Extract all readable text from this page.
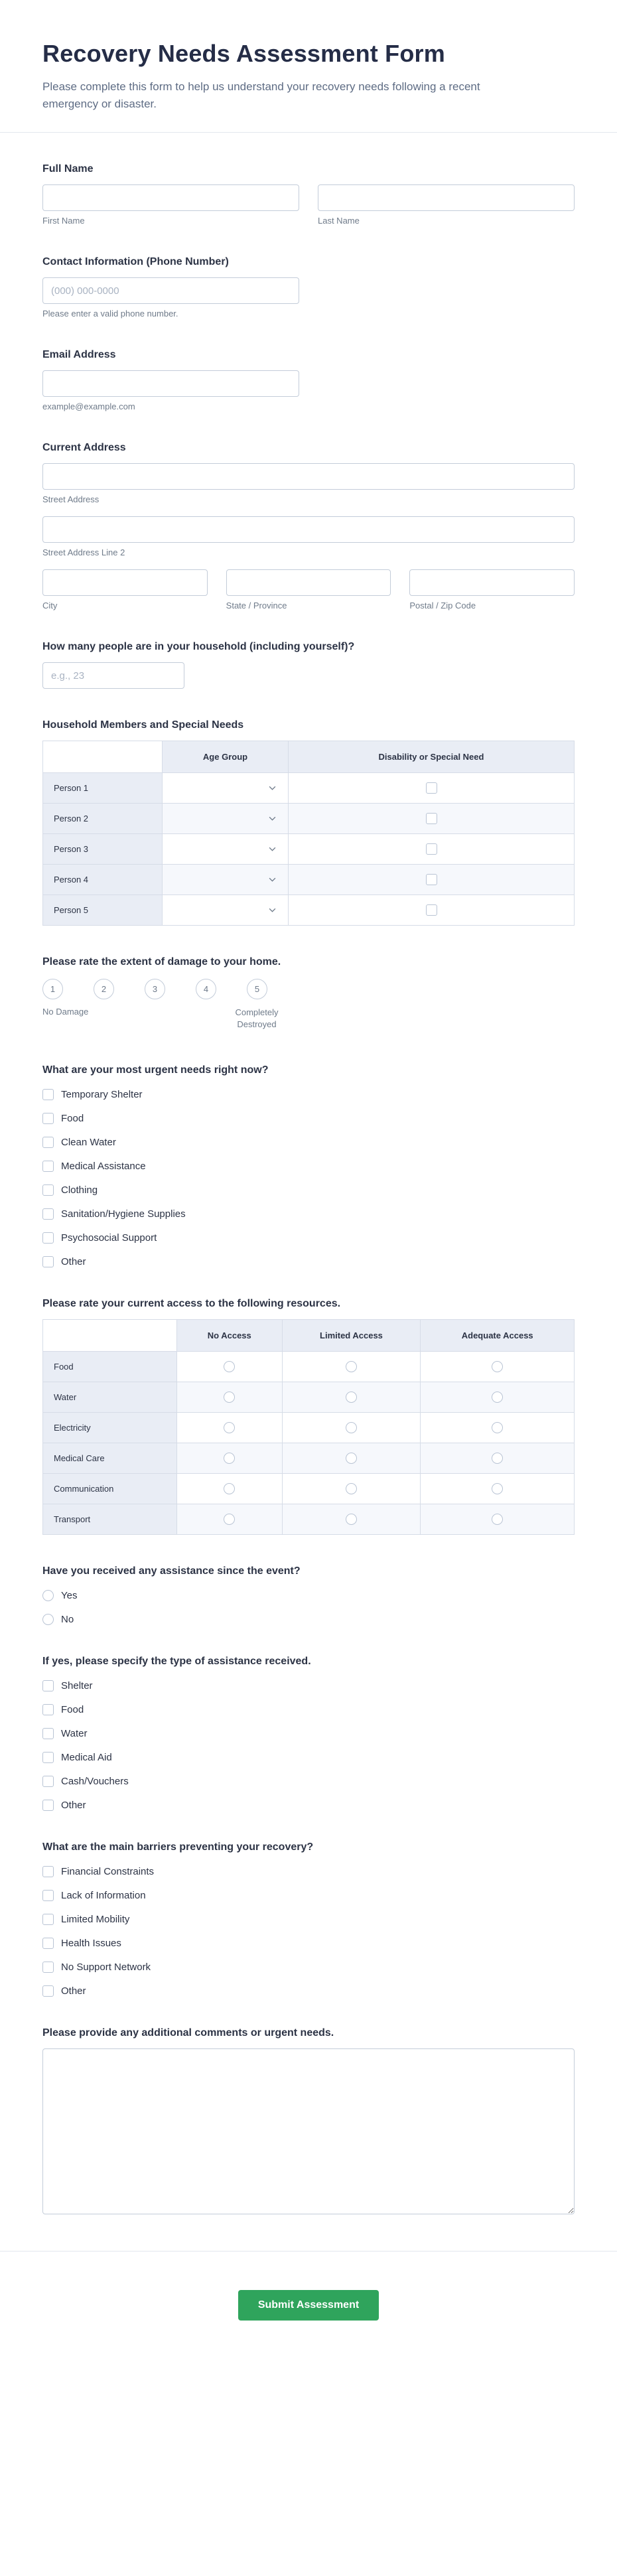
Recovery Needs Assessment Form

Please complete this form to help us understand your recovery needs following a recent emergency or disaster.

Full Name
First Name	Last Name
Contact Information (Phone Number)
(000) 000-0000
Please enter a valid phone number.
Email Address
example@example.com
Current Address
Street Address
Street Address Line 2
City	State / Province	Postal / Zip Code
How many people are in your household (including yourself)?
e.g., 23
Household Members and Special Needs
	Age Group	Disability or Special Need
Person 1	

Person 2	

Person 3	

Person 4	

Person 5	

Please rate the extent of damage to your home.
1	2	3	4	5
No Damage	Completely Destroyed
What are your most urgent needs right now?
Temporary Shelter
Food
Clean Water
Medical Assistance
Clothing
Sanitation/Hygiene Supplies
Psychosocial Support
Other
Please rate your current access to the following resources.
	No Access	Limited Access	Adequate Access
Food			
Water			
Electricity			
Medical Care			
Communication			
Transport			
Have you received any assistance since the event?
Yes
No
If yes, please specify the type of assistance received.
Shelter
Food
Water
Medical Aid
Cash/Vouchers
Other
What are the main barriers preventing your recovery?
Financial Constraints
Lack of Information
Limited Mobility
Health Issues
No Support Network
Other
Please provide any additional comments or urgent needs.
Submit Assessment
